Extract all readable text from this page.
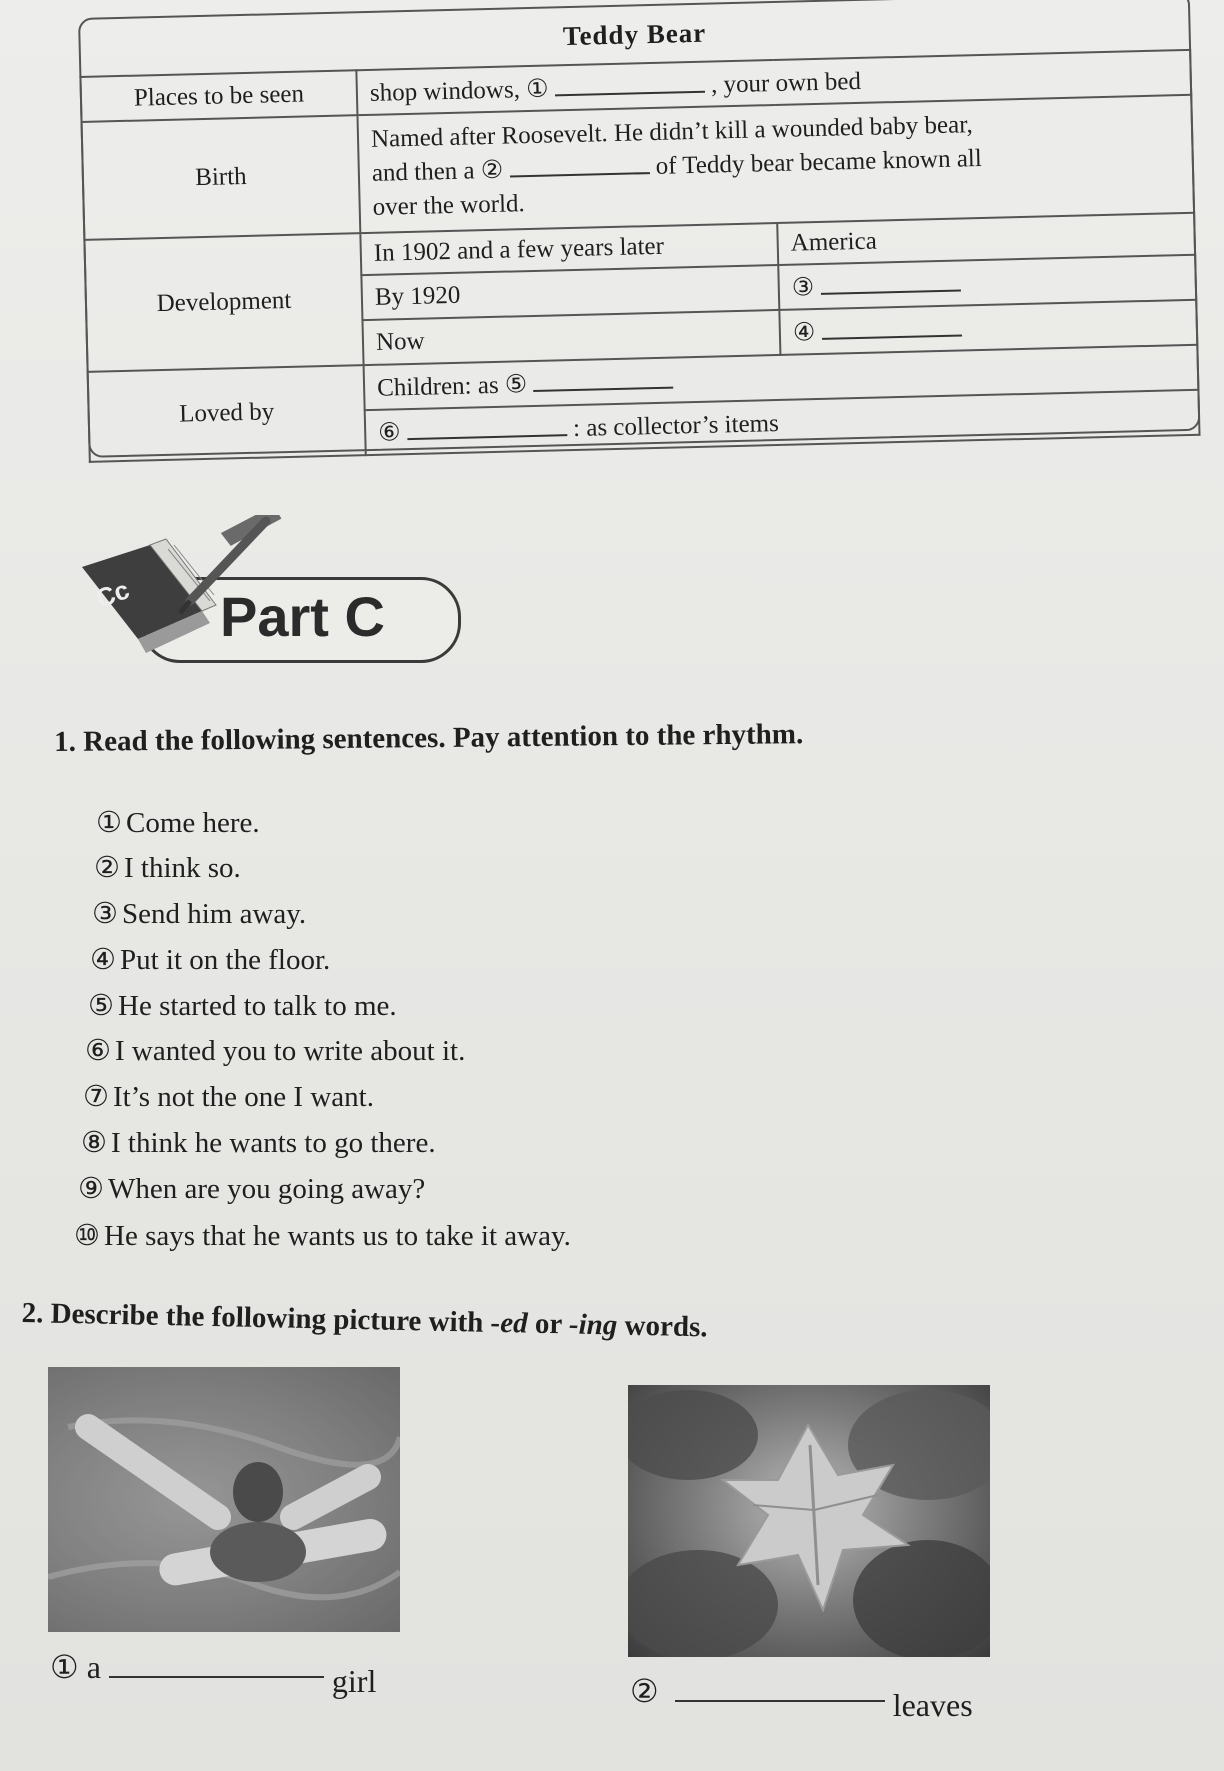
Teddy Bear
Places to be seen	shop windows, ① , your own bed	
Birth	Named after Roosevelt. He didn’t kill a wounded baby bear,
and then a ② of Teddy bear became known all
over the world.	

Development	In 1902 and a few years later	America
	By 1920	③
	Now	④
Loved by	Children: as ⑤	
	⑥ : as collector’s items	
Cc Part C
1. Read the following sentences. Pay attention to the rhythm.
① Come here.
② I think so.
③ Send him away.
④ Put it on the floor.
⑤ He started to talk to me.
⑥ I wanted you to write about it.
⑦ It’s not the one I want.
⑧ I think he wants to go there.
⑨ When are you going away?
⑩ He says that he wants us to take it away.
2. Describe the following picture with -ed or -ing words.
① a	girl	②	leaves
